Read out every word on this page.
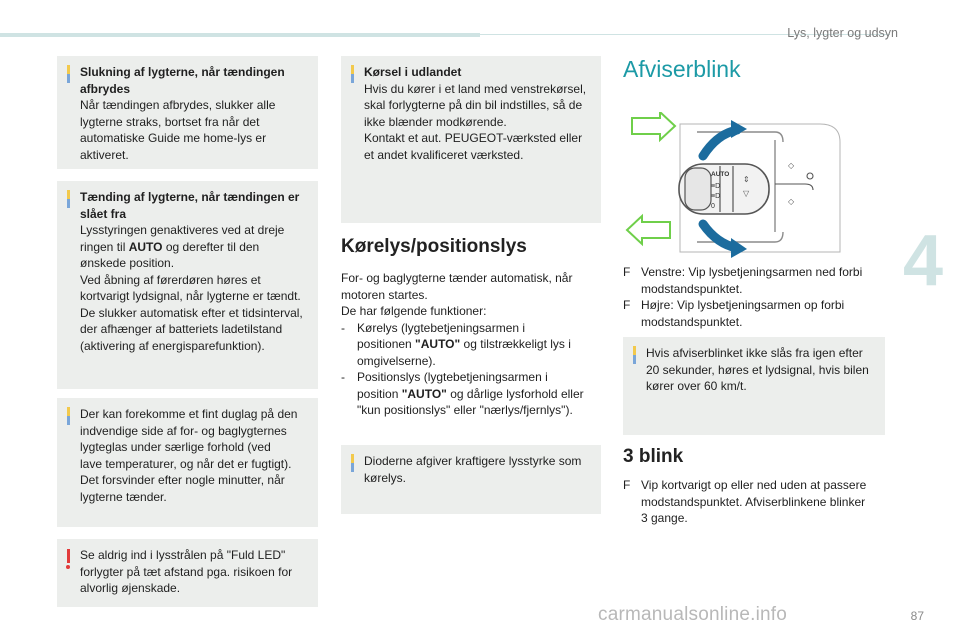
Lys, lygter og udsyn
4
87
carmanualsonline.info
Slukning af lygterne, når tændingen
afbrydes
Når tændingen afbrydes, slukker alle
lygterne straks, bortset fra når det
automatiske Guide me home-lys er
aktiveret.
Tænding af lygterne, når tændingen er
slået fra
Lysstyringen genaktiveres ved at dreje
ringen til AUTO og derefter til den
ønskede position.
Ved åbning af førerdøren høres et
kortvarigt lydsignal, når lygterne er tændt.
De slukker automatisk efter et tidsinterval,
der afhænger af batteriets ladetilstand
(aktivering af energisparefunktion).
Der kan forekomme et fint duglag på den
indvendige side af for- og baglygternes
lygteglas under særlige forhold (ved
lave temperaturer, og når det er fugtigt).
Det forsvinder efter nogle minutter, når
lygterne tænder.
Se aldrig ind i lysstrålen på "Fuld LED"
forlygter på tæt afstand pga. risikoen for
alvorlig øjenskade.
Kørsel i udlandet
Hvis du kører i et land med venstrekørsel,
skal forlygterne på din bil indstilles, så de
ikke blænder modkørende.
Kontakt et aut. PEUGEOT-værksted eller
et andet kvalificeret værksted.
Kørelys/positionslys
For- og baglygterne tænder automatisk, når
motoren startes.
De har følgende funktioner:
-	Kørelys (lygtebetjeningsarmen i
positionen "AUTO" og tilstrækkeligt lys i
omgivelserne).
-	Positionslys (lygtebetjeningsarmen i
position "AUTO" og dårlige lysforhold eller
"kun positionslys" eller "nærlys/fjernlys").
Dioderne afgiver kraftigere lysstyrke som
kørelys.
Afviserblink
AUTO
≡D
≡D
0
⇕
▽
◇
◇
F Venstre: Vip lysbetjeningsarmen ned forbi
modstandspunktet.
F Højre: Vip lysbetjeningsarmen op forbi
modstandspunktet.
Hvis afviserblinket ikke slås fra igen efter
20 sekunder, høres et lydsignal, hvis bilen
kører over 60 km/t.
3 blink
F Vip kortvarigt op eller ned uden at passere
modstandspunktet. Afviserblinkene blinker
3 gange.
